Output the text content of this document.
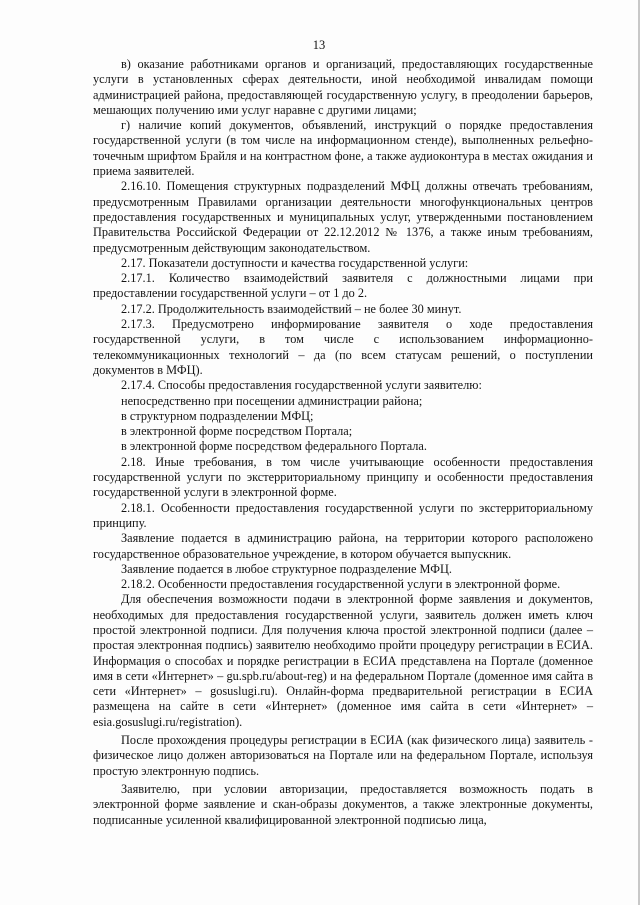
13

в) оказание работниками органов и организаций, предоставляющих государственные услуги в установленных сферах деятельности, иной необходимой инвалидам помощи администрацией района, предоставляющей государственную услугу, в преодолении барьеров, мешающих получению ими услуг наравне с другими лицами;

г) наличие копий документов, объявлений, инструкций о порядке предоставления государственной услуги (в том числе на информационном стенде), выполненных рельефно-точечным шрифтом Брайля и на контрастном фоне, а также аудиоконтура в местах ожидания и приема заявителей.

2.16.10. Помещения структурных подразделений МФЦ должны отвечать требованиям, предусмотренным Правилами организации деятельности многофункциональных центров предоставления государственных и муниципальных услуг, утвержденными постановлением Правительства Российской Федерации от 22.12.2012 № 1376, а также иным требованиям, предусмотренным действующим законодательством.

2.17. Показатели доступности и качества государственной услуги:

2.17.1. Количество взаимодействий заявителя с должностными лицами при предоставлении государственной услуги – от 1 до 2.

2.17.2. Продолжительность взаимодействий – не более 30 минут.

2.17.3. Предусмотрено информирование заявителя о ходе предоставления государственной услуги, в том числе с использованием информационно-телекоммуникационных технологий – да (по всем статусам решений, о поступлении документов в МФЦ).

2.17.4. Способы предоставления государственной услуги заявителю:

непосредственно при посещении администрации района;

в структурном подразделении МФЦ;

в электронной форме посредством Портала;

в электронной форме посредством федерального Портала.

2.18. Иные требования, в том числе учитывающие особенности предоставления государственной услуги по экстерриториальному принципу и особенности предоставления государственной услуги в электронной форме.

2.18.1. Особенности предоставления государственной услуги по экстерриториальному принципу.

Заявление подается в администрацию района, на территории которого расположено государственное образовательное учреждение, в котором обучается выпускник.

Заявление подается в любое структурное подразделение МФЦ.

2.18.2. Особенности предоставления государственной услуги в электронной форме.

Для обеспечения возможности подачи в электронной форме заявления и документов, необходимых для предоставления государственной услуги, заявитель должен иметь ключ простой электронной подписи. Для получения ключа простой электронной подписи (далее – простая электронная подпись) заявителю необходимо пройти процедуру регистрации в ЕСИА. Информация о способах и порядке регистрации в ЕСИА представлена на Портале (доменное имя в сети «Интернет» – gu.spb.ru/about-reg) и на федеральном Портале (доменное имя сайта в сети «Интернет» – gosuslugi.ru). Онлайн-форма предварительной регистрации в ЕСИА размещена на сайте в сети «Интернет» (доменное имя сайта в сети «Интернет» – esia.gosuslugi.ru/registration).

После прохождения процедуры регистрации в ЕСИА (как физического лица) заявитель - физическое лицо должен авторизоваться на Портале или на федеральном Портале, используя простую электронную подпись.

Заявителю, при условии авторизации, предоставляется возможность подать в электронной форме заявление и скан-образы документов, а также электронные документы, подписанные усиленной квалифицированной электронной подписью лица,
